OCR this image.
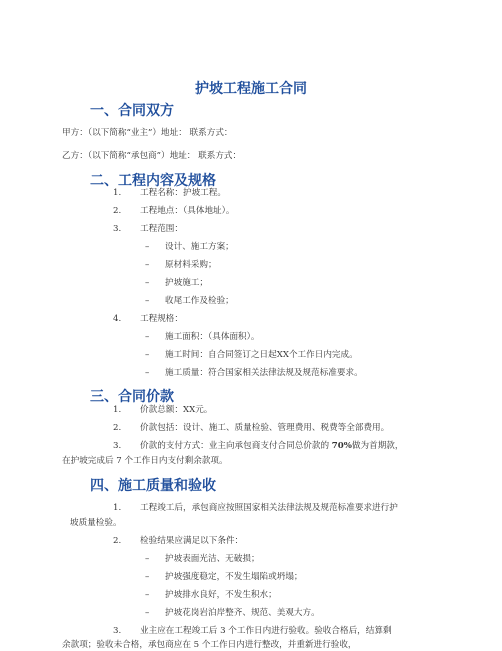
护坡工程施工合同
一、合同双方
甲方：（以下简称“业主”）地址： 联系方式：
乙方：（以下简称“承包商”）地址： 联系方式：
二、工程内容及规格
1. 工程名称：护坡工程。
2. 工程地点：（具体地址）。
3. 工程范围：
– 设计、施工方案；
– 原材料采购；
– 护坡施工；
– 收尾工作及检验；
4. 工程规格：
– 施工面积：（具体面积）。
– 施工时间：自合同签订之日起XX个工作日内完成。
– 施工质量：符合国家相关法律法规及规范标准要求。
三、合同价款
1. 价款总额：XX元。
2. 价款包括：设计、施工、质量检验、管理费用、税费等全部费用。
3. 价款的支付方式：业主向承包商支付合同总价款的 70%做为首期款，
在护坡完成后 7 个工作日内支付剩余款项。
四、施工质量和验收
1. 工程竣工后，承包商应按照国家相关法律法规及规范标准要求进行护
坡质量检验。
2. 检验结果应满足以下条件：
– 护坡表面光洁、无破损；
– 护坡强度稳定，不发生塌陷或坍塌；
– 护坡排水良好，不发生积水；
– 护坡花岗岩泊岸整齐、规范、美观大方。
3. 业主应在工程竣工后 3 个工作日内进行验收。验收合格后，结算剩
余款项；验收未合格，承包商应在 5 个工作日内进行整改，并重新进行验收，
